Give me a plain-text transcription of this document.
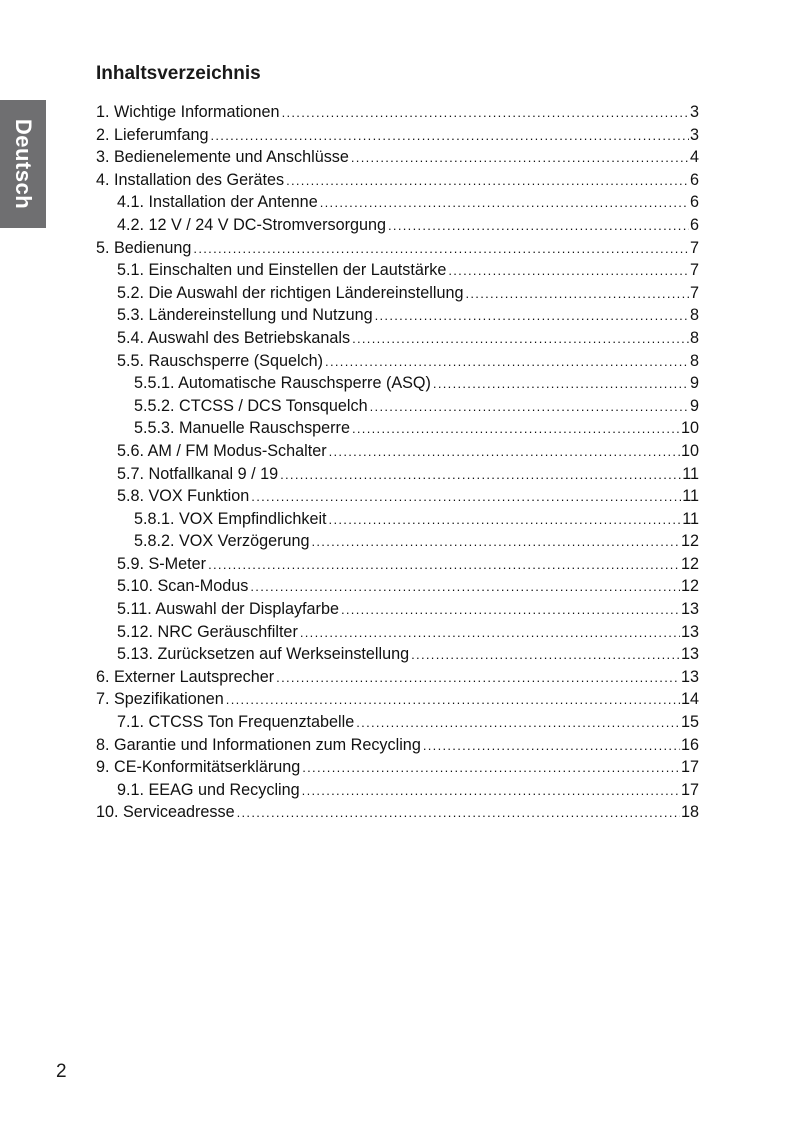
Deutsch
Inhaltsverzeichnis
1. Wichtige Informationen .....	3
2. Lieferumfang .....	3
3. Bedienelemente und Anschlüsse .....	4
4. Installation des Gerätes .....	6
4.1. Installation der Antenne .....	6
4.2. 12 V / 24 V DC-Stromversorgung .....	6
5. Bedienung .....	7
5.1. Einschalten und Einstellen der Lautstärke .....	7
5.2. Die Auswahl der richtigen Ländereinstellung .....	7
5.3. Ländereinstellung und Nutzung .....	8
5.4. Auswahl des Betriebskanals .....	8
5.5. Rauschsperre (Squelch) .....	8
5.5.1. Automatische Rauschsperre (ASQ) .....	9
5.5.2. CTCSS / DCS Tonsquelch .....	9
5.5.3. Manuelle Rauschsperre .....	10
5.6. AM / FM Modus-Schalter .....	10
5.7. Notfallkanal 9 / 19 .....	11
5.8. VOX Funktion .....	11
5.8.1. VOX Empfindlichkeit .....	11
5.8.2. VOX Verzögerung .....	12
5.9. S-Meter .....	12
5.10. Scan-Modus .....	12
5.11. Auswahl der Displayfarbe .....	13
5.12. NRC Geräuschfilter .....	13
5.13. Zurücksetzen auf Werkseinstellung .....	13
6. Externer Lautsprecher .....	13
7. Spezifikationen .....	14
7.1. CTCSS Ton Frequenztabelle .....	15
8. Garantie und Informationen zum Recycling .....	16
9. CE-Konformitätserklärung .....	17
9.1. EEAG und Recycling .....	17
10. Serviceadresse .....	18
2
